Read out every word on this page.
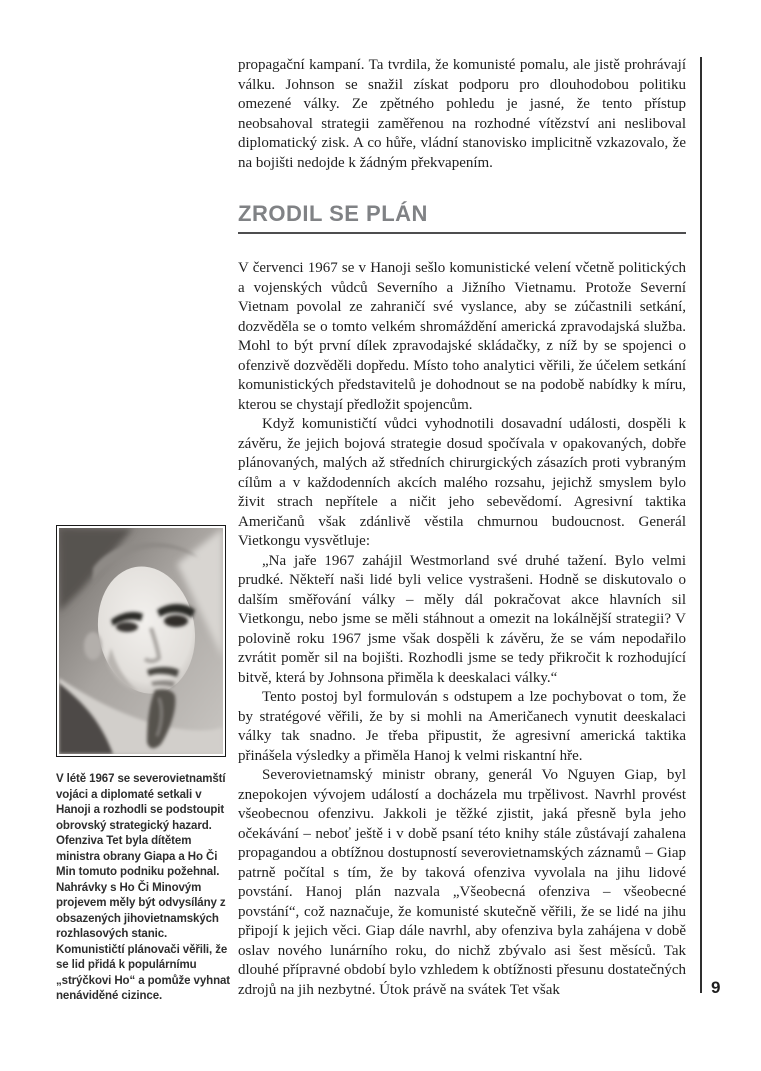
V létě 1967 se severovietnamští vojáci a diplomaté setkali v Hanoji a rozhodli se podstoupit obrovský strategický hazard. Ofenziva Tet byla dítětem ministra obrany Giapa a Ho Či Min tomuto podniku požehnal. Nahrávky s Ho Či Minovým projevem měly být odvysílány z obsazených jihovietnamských rozhlasových stanic. Komunističtí plánovači věřili, že se lid přidá k populárnímu „strýčkovi Ho“ a pomůže vyhnat nenáviděné cizince.

propagační kampaní. Ta tvrdila, že komunisté pomalu, ale jistě prohrávají válku. Johnson se snažil získat podporu pro dlouhodobou politiku omezené války. Ze zpětného pohledu je jasné, že tento přístup neobsahoval strategii zaměřenou na rozhodné vítězství ani nesliboval diplomatický zisk. A co hůře, vládní stanovisko implicitně vzkazovalo, že na bojišti nedojde k žádným překvapením.

ZRODIL SE PLÁN

V červenci 1967 se v Hanoji sešlo komunistické velení včetně politických a vojenských vůdců Severního a Jižního Vietnamu. Protože Severní Vietnam povolal ze zahraničí své vyslance, aby se zúčastnili setkání, dozvěděla se o tomto velkém shromáždění americká zpravodajská služba. Mohl to být první dílek zpravodajské skládačky, z níž by se spojenci o ofenzivě dozvěděli dopředu. Místo toho analytici věřili, že účelem setkání komunistických představitelů je dohodnout se na podobě nabídky k míru, kterou se chystají předložit spojencům.

Když komunističtí vůdci vyhodnotili dosavadní události, dospěli k závěru, že jejich bojová strategie dosud spočívala v opakovaných, dobře plánovaných, malých až středních chirurgických zásazích proti vybraným cílům a v každodenních akcích malého rozsahu, jejichž smyslem bylo živit strach nepřítele a ničit jeho sebevědomí. Agresivní taktika Američanů však zdánlivě věstila chmurnou budoucnost. Generál Vietkongu vysvětluje:

„Na jaře 1967 zahájil Westmorland své druhé tažení. Bylo velmi prudké. Někteří naši lidé byli velice vystrašeni. Hodně se diskutovalo o dalším směřování války – měly dál pokračovat akce hlavních sil Vietkongu, nebo jsme se měli stáhnout a omezit na lokálnější strategii? V polovině roku 1967 jsme však dospěli k závěru, že se vám nepodařilo zvrátit poměr sil na bojišti. Rozhodli jsme se tedy přikročit k rozhodující bitvě, která by Johnsona přiměla k deeskalaci války.“

Tento postoj byl formulován s odstupem a lze pochybovat o tom, že by stratégové věřili, že by si mohli na Američanech vynutit deeskalaci války tak snadno. Je třeba připustit, že agresivní americká taktika přinášela výsledky a přiměla Hanoj k velmi riskantní hře.

Severovietnamský ministr obrany, generál Vo Nguyen Giap, byl znepokojen vývojem událostí a docházela mu trpělivost. Navrhl provést všeobecnou ofenzivu. Jakkoli je těžké zjistit, jaká přesně byla jeho očekávání – neboť ještě i v době psaní této knihy stále zůstávají zahalena propagandou a obtížnou dostupností severovietnamských záznamů – Giap patrně počítal s tím, že by taková ofenziva vyvolala na jihu lidové povstání. Hanoj plán nazvala „Všeobecná ofenziva – všeobecné povstání“, což naznačuje, že komunisté skutečně věřili, že se lidé na jihu připojí k jejich věci. Giap dále navrhl, aby ofenziva byla zahájena v době oslav nového lunárního roku, do nichž zbývalo asi šest měsíců. Tak dlouhé přípravné období bylo vzhledem k obtížnosti přesunu dostatečných zdrojů na jih nezbytné. Útok právě na svátek Tet však	9
